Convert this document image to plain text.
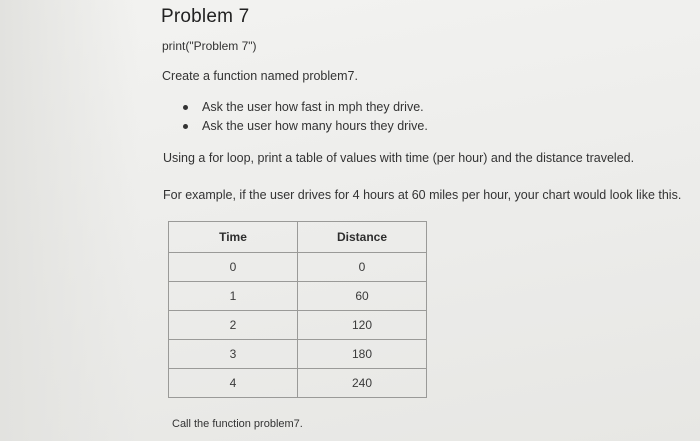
Problem 7
print("Problem 7")
Create a function named problem7.
Ask the user how fast in mph they drive.
Ask the user how many hours they drive.
Using a for loop, print a table of values with time (per hour) and the distance traveled.
For example, if the user drives for 4 hours at 60 miles per hour, your chart would look like this.
Time	Distance
0	0
1	60
2	120
3	180
4	240
Call the function problem7.
